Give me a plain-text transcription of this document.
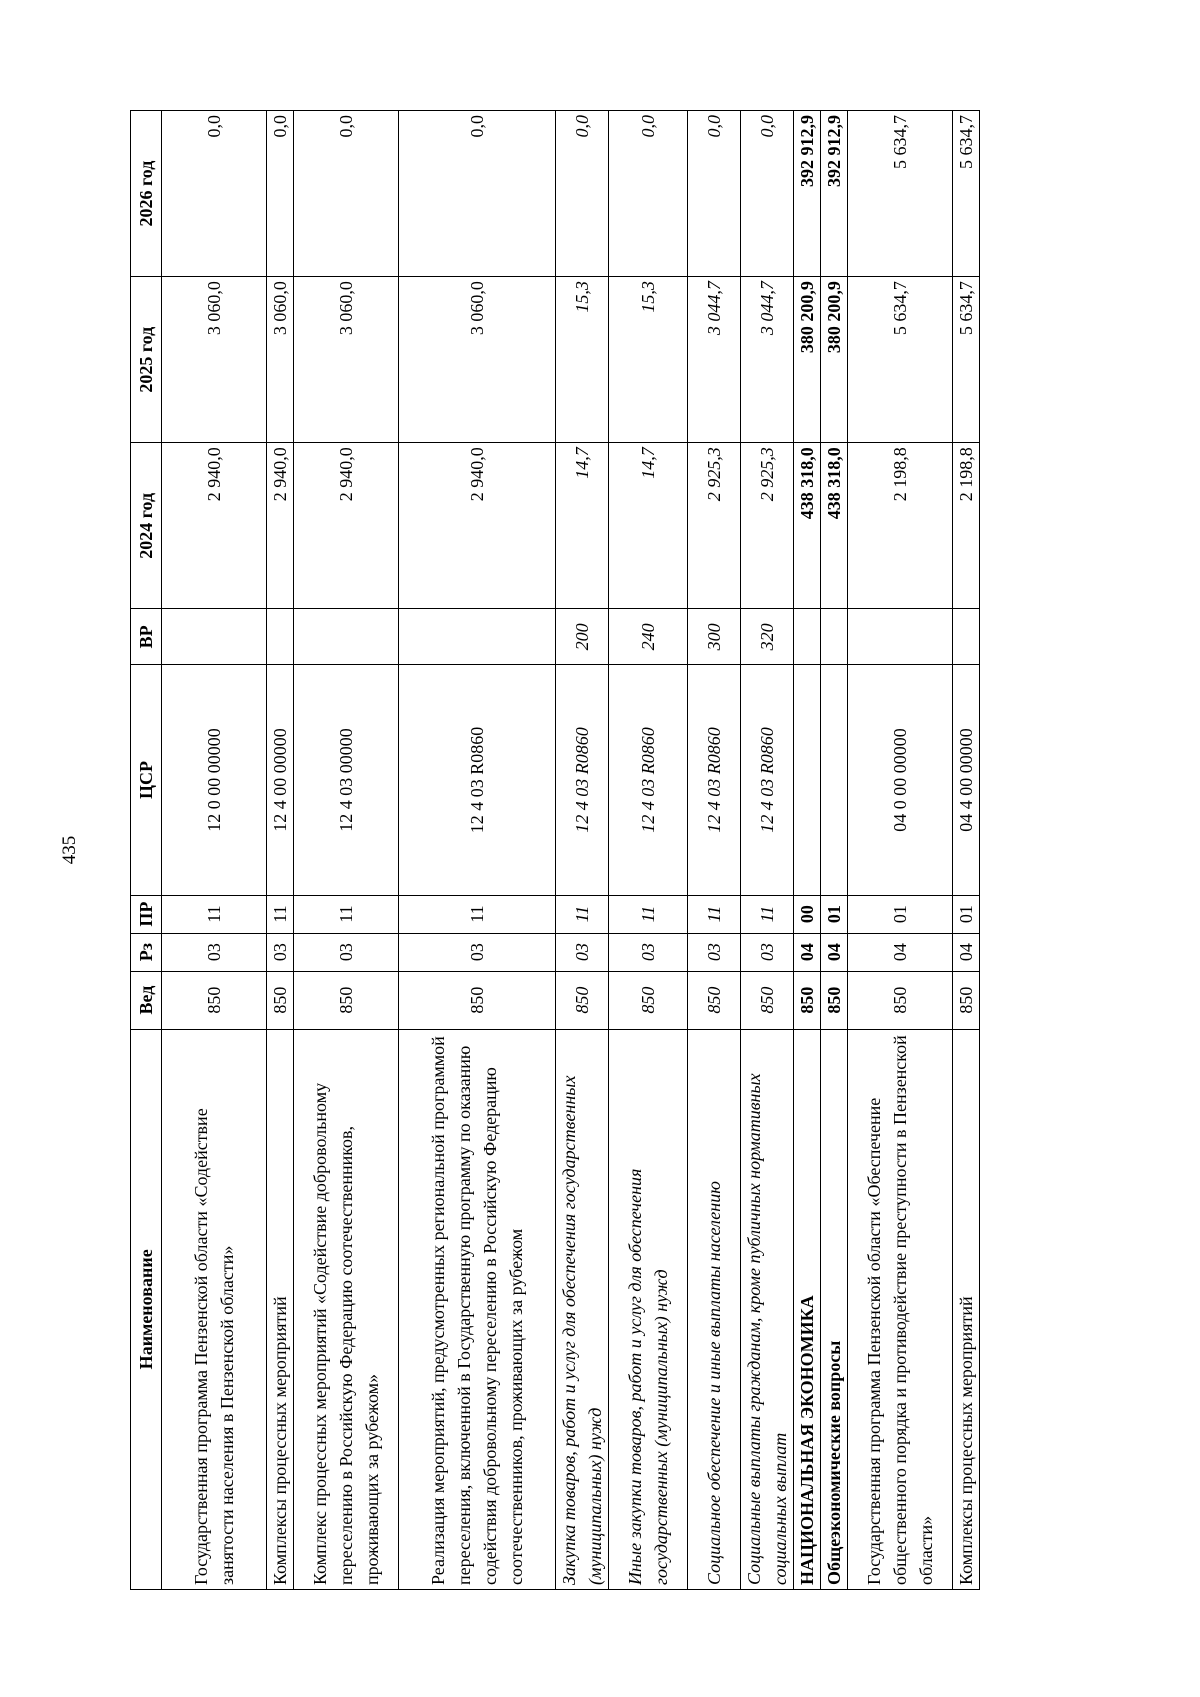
435
Наименование	Вед	Рз	ПР	ЦСР	ВР	2024 год	2025 год	2026 год
Государственная программа Пензенской области «Содействие занятости населения в Пензенской области»	850	03	11	12 0 00 00000		2 940,0	3 060,0	0,0
Комплексы процессных мероприятий	850	03	11	12 4 00 00000		2 940,0	3 060,0	0,0
Комплекс процессных мероприятий «Содействие добровольному переселению в Российскую Федерацию соотечественников, проживающих за рубежом»	850	03	11	12 4 03 00000		2 940,0	3 060,0	0,0
Реализация мероприятий, предусмотренных региональной программой переселения, включенной в Государственную программу по оказанию содействия добровольному переселению в Российскую Федерацию соотечественников, проживающих за рубежом	850	03	11	12 4 03 R0860		2 940,0	3 060,0	0,0
Закупка товаров, работ и услуг для обеспечения государственных (муниципальных) нужд	850	03	11	12 4 03 R0860	200	14,7	15,3	0,0
Иные закупки товаров, работ и услуг для обеспечения государственных (муниципальных) нужд	850	03	11	12 4 03 R0860	240	14,7	15,3	0,0
Социальное обеспечение и иные выплаты населению	850	03	11	12 4 03 R0860	300	2 925,3	3 044,7	0,0
Социальные выплаты гражданам, кроме публичных нормативных социальных выплат	850	03	11	12 4 03 R0860	320	2 925,3	3 044,7	0,0
НАЦИОНАЛЬНАЯ ЭКОНОМИКА	850	04	00			438 318,0	380 200,9	392 912,9
Общеэкономические вопросы	850	04	01			438 318,0	380 200,9	392 912,9
Государственная программа Пензенской области «Обеспечение общественного порядка и противодействие преступности в Пензенской области»	850	04	01	04 0 00 00000		2 198,8	5 634,7	5 634,7
Комплексы процессных мероприятий	850	04	01	04 4 00 00000		2 198,8	5 634,7	5 634,7
